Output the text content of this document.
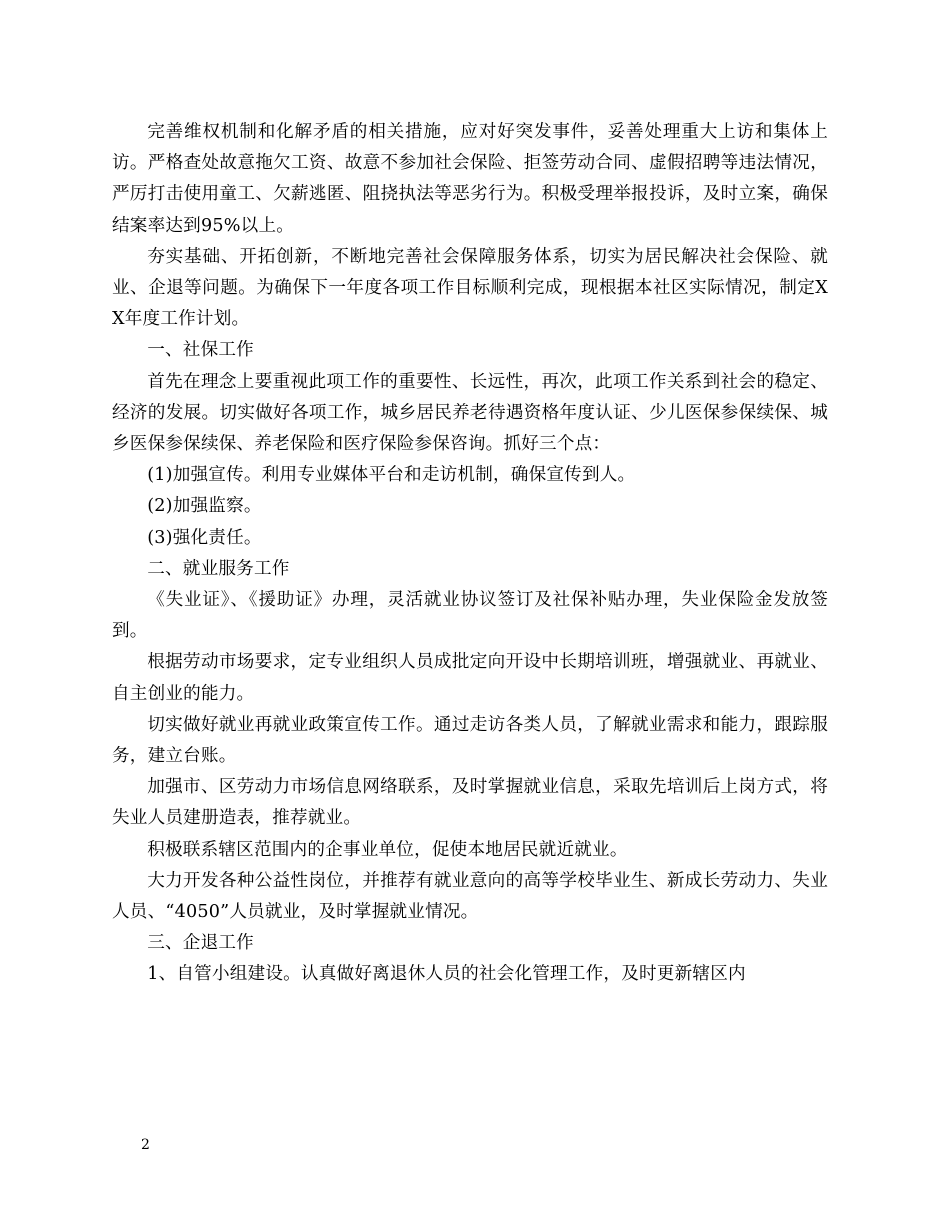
完善维权机制和化解矛盾的相关措施，应对好突发事件，妥善处理重大上访和集体上访。严格查处故意拖欠工资、故意不参加社会保险、拒签劳动合同、虚假招聘等违法情况，严厉打击使用童工、欠薪逃匿、阻挠执法等恶劣行为。积极受理举报投诉，及时立案，确保结案率达到95%以上。

夯实基础、开拓创新，不断地完善社会保障服务体系，切实为居民解决社会保险、就业、企退等问题。为确保下一年度各项工作目标顺利完成，现根据本社区实际情况，制定XX年度工作计划。

一、社保工作

首先在理念上要重视此项工作的重要性、长远性，再次，此项工作关系到社会的稳定、经济的发展。切实做好各项工作，城乡居民养老待遇资格年度认证、少儿医保参保续保、城乡医保参保续保、养老保险和医疗保险参保咨询。抓好三个点：

(1)加强宣传。利用专业媒体平台和走访机制，确保宣传到人。

(2)加强监察。

(3)强化责任。

二、就业服务工作

《失业证》、《援助证》办理，灵活就业协议签订及社保补贴办理，失业保险金发放签到。

根据劳动市场要求，定专业组织人员成批定向开设中长期培训班，增强就业、再就业、自主创业的能力。

切实做好就业再就业政策宣传工作。通过走访各类人员，了解就业需求和能力，跟踪服务，建立台账。

加强市、区劳动力市场信息网络联系，及时掌握就业信息，采取先培训后上岗方式，将失业人员建册造表，推荐就业。

积极联系辖区范围内的企事业单位，促使本地居民就近就业。

大力开发各种公益性岗位，并推荐有就业意向的高等学校毕业生、新成长劳动力、失业人员、“4050”人员就业，及时掌握就业情况。

三、企退工作

1、自管小组建设。认真做好离退休人员的社会化管理工作，及时更新辖区内

2
